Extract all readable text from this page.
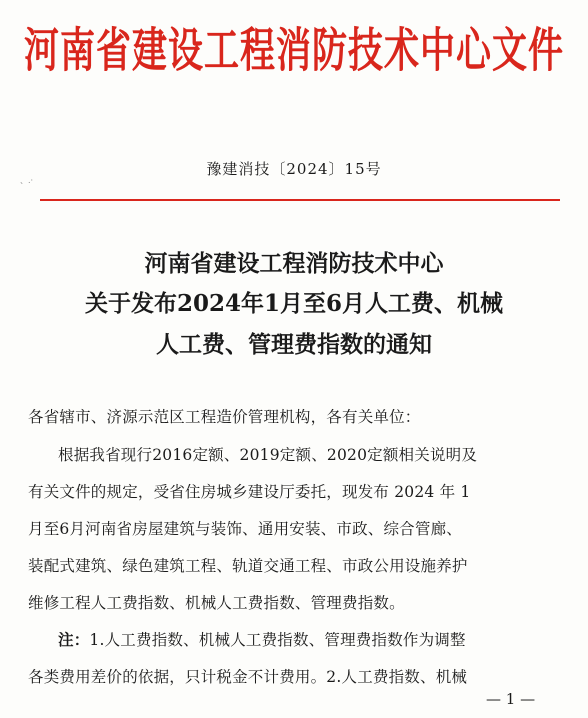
河南省建设工程消防技术中心文件
、.·
豫建消技〔2024〕15号
河南省建设工程消防技术中心
关于发布2024年1月至6月人工费、机械
人工费、管理费指数的通知
各省辖市、济源示范区工程造价管理机构，各有关单位：
根据我省现行2016定额、2019定额、2020定额相关说明及
有关文件的规定，受省住房城乡建设厅委托，现发布 2024 年 1
月至6月河南省房屋建筑与装饰、通用安装、市政、综合管廊、
装配式建筑、绿色建筑工程、轨道交通工程、市政公用设施养护
维修工程人工费指数、机械人工费指数、管理费指数。
注：1.人工费指数、机械人工费指数、管理费指数作为调整
各类费用差价的依据，只计税金不计费用。2.人工费指数、机械
— 1 —
